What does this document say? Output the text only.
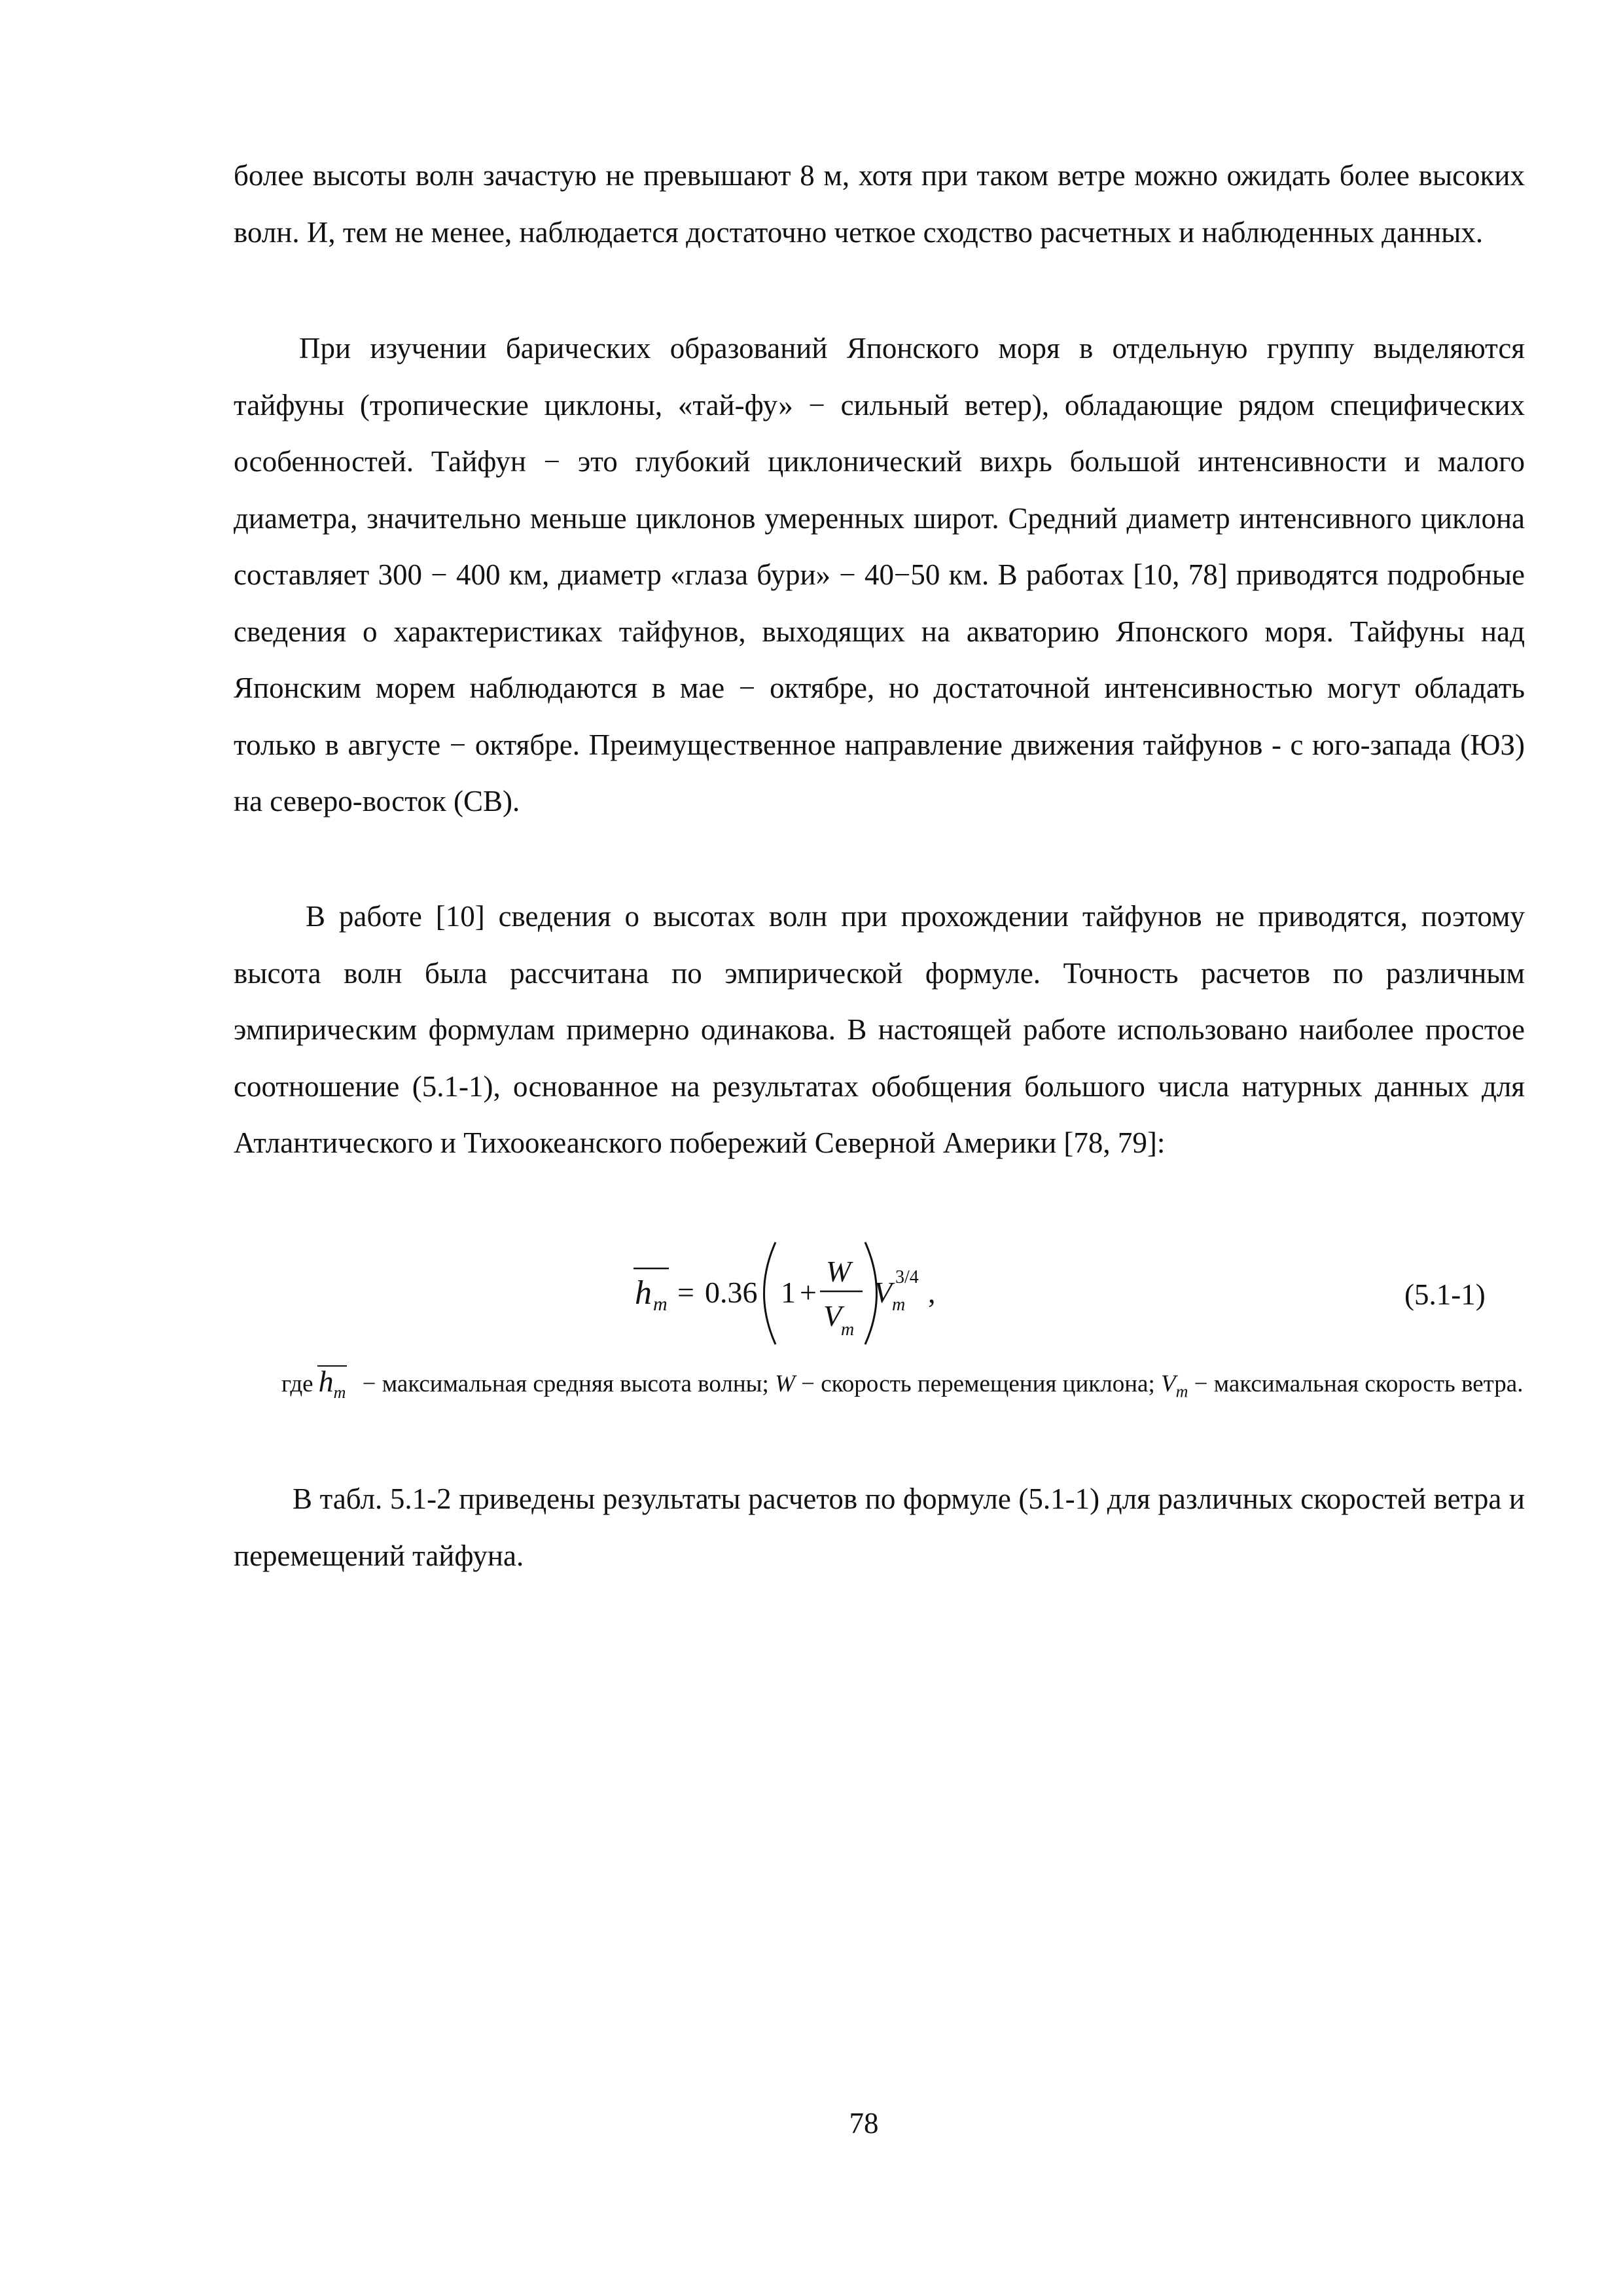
более высоты волн зачастую не превышают 8 м, хотя при таком ветре можно ожидать более высоких волн. И, тем не менее, наблюдается достаточно четкое сходство расчетных и наблюденных данных.

При изучении барических образований Японского моря в отдельную группу выделяются тайфуны (тропические циклоны, «тай-фу» − сильный ветер), обладающие рядом специфических особенностей. Тайфун − это глубокий циклонический вихрь большой интенсивности и малого диаметра, значительно меньше циклонов умеренных широт. Средний диаметр интенсивного циклона составляет 300 − 400 км, диаметр «глаза бури» − 40−50 км. В работах [10, 78] приводятся подробные сведения о характеристиках тайфунов, выходящих на акваторию Японского моря. Тайфуны над Японским морем наблюдаются в мае − октябре, но достаточной интенсивностью могут обладать только в августе − октябре. Преимущественное направление движения тайфунов - с юго-запада (ЮЗ) на северо-восток (СВ).

В работе [10] сведения о высотах волн при прохождении тайфунов не приводятся, поэтому высота волн была рассчитана по эмпирической формуле. Точность расчетов по различным эмпирическим формулам примерно одинакова. В настоящей работе использовано наиболее простое соотношение (5.1-1), основанное на результатах обобщения большого числа натурных данных для Атлантического и Тихоокеанского побережий Северной Америки [78, 79]:

h m = 0.36 1 +
W
V
m
V m
3/4 ,	(5.1-1)

где $h_m$ − максимальная средняя высота волны; W − скорость перемещения циклона; $V_m$ − максимальная скорость ветра.

В табл. 5.1-2 приведены результаты расчетов по формуле (5.1-1) для различных скоростей ветра и перемещений тайфуна.

78
